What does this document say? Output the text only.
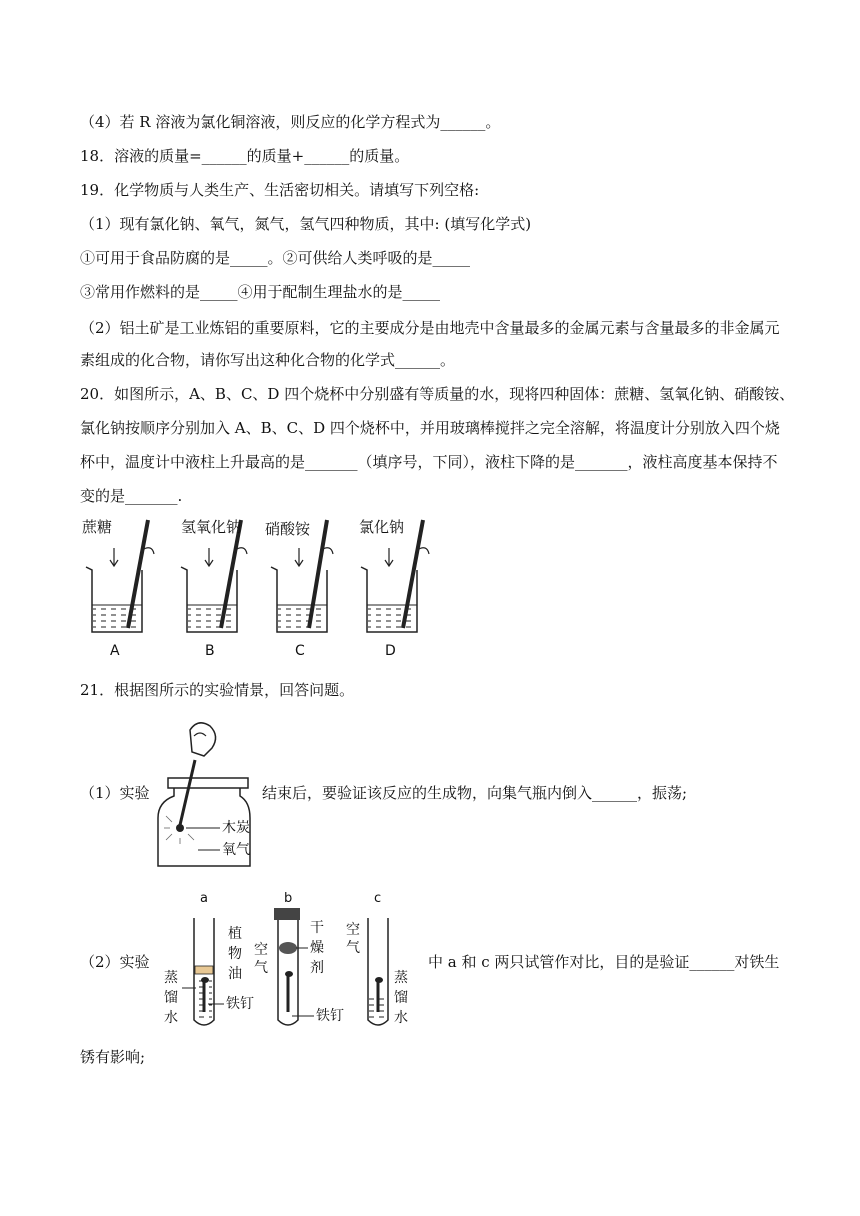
（4）若 R 溶液为氯化铜溶液，则反应的化学方程式为______。
18．溶液的质量=______的质量+______的质量。
19．化学物质与人类生产、生活密切相关。请填写下列空格:
（1）现有氯化钠、氧气，氮气，氢气四种物质，其中: (填写化学式)
①可用于食品防腐的是_____。②可供给人类呼吸的是_____
③常用作燃料的是_____④用于配制生理盐水的是_____
（2）铝土矿是工业炼铝的重要原料，它的主要成分是由地壳中含量最多的金属元素与含量最多的非金属元
素组成的化合物，请你写出这种化合物的化学式______。
20．如图所示，A、B、C、D 四个烧杯中分别盛有等质量的水，现将四种固体：蔗糖、氢氧化钠、硝酸铵、
氯化钠按顺序分别加入 A、B、C、D 四个烧杯中，并用玻璃棒搅拌之完全溶解，将温度计分别放入四个烧
杯中，温度计中液柱上升最高的是_______（填序号，下同），液柱下降的是_______，液柱高度基本保持不
变的是_______.
蔗糖
A
氢氧化钠
B
硝酸铵
C
氯化钠
D
21．根据图所示的实验情景，回答问题。
（1）实验
木炭
氧气
结束后，要验证该反应的生成物，向集气瓶内倒入______，振荡;
（2）实验
a
植
物
油
蒸
馏
水
铁钉
b
空
气
干
燥
剂
铁钉
c
空
气
蒸
馏
水
中 a 和 c 两只试管作对比，目的是验证______对铁生
锈有影响;
